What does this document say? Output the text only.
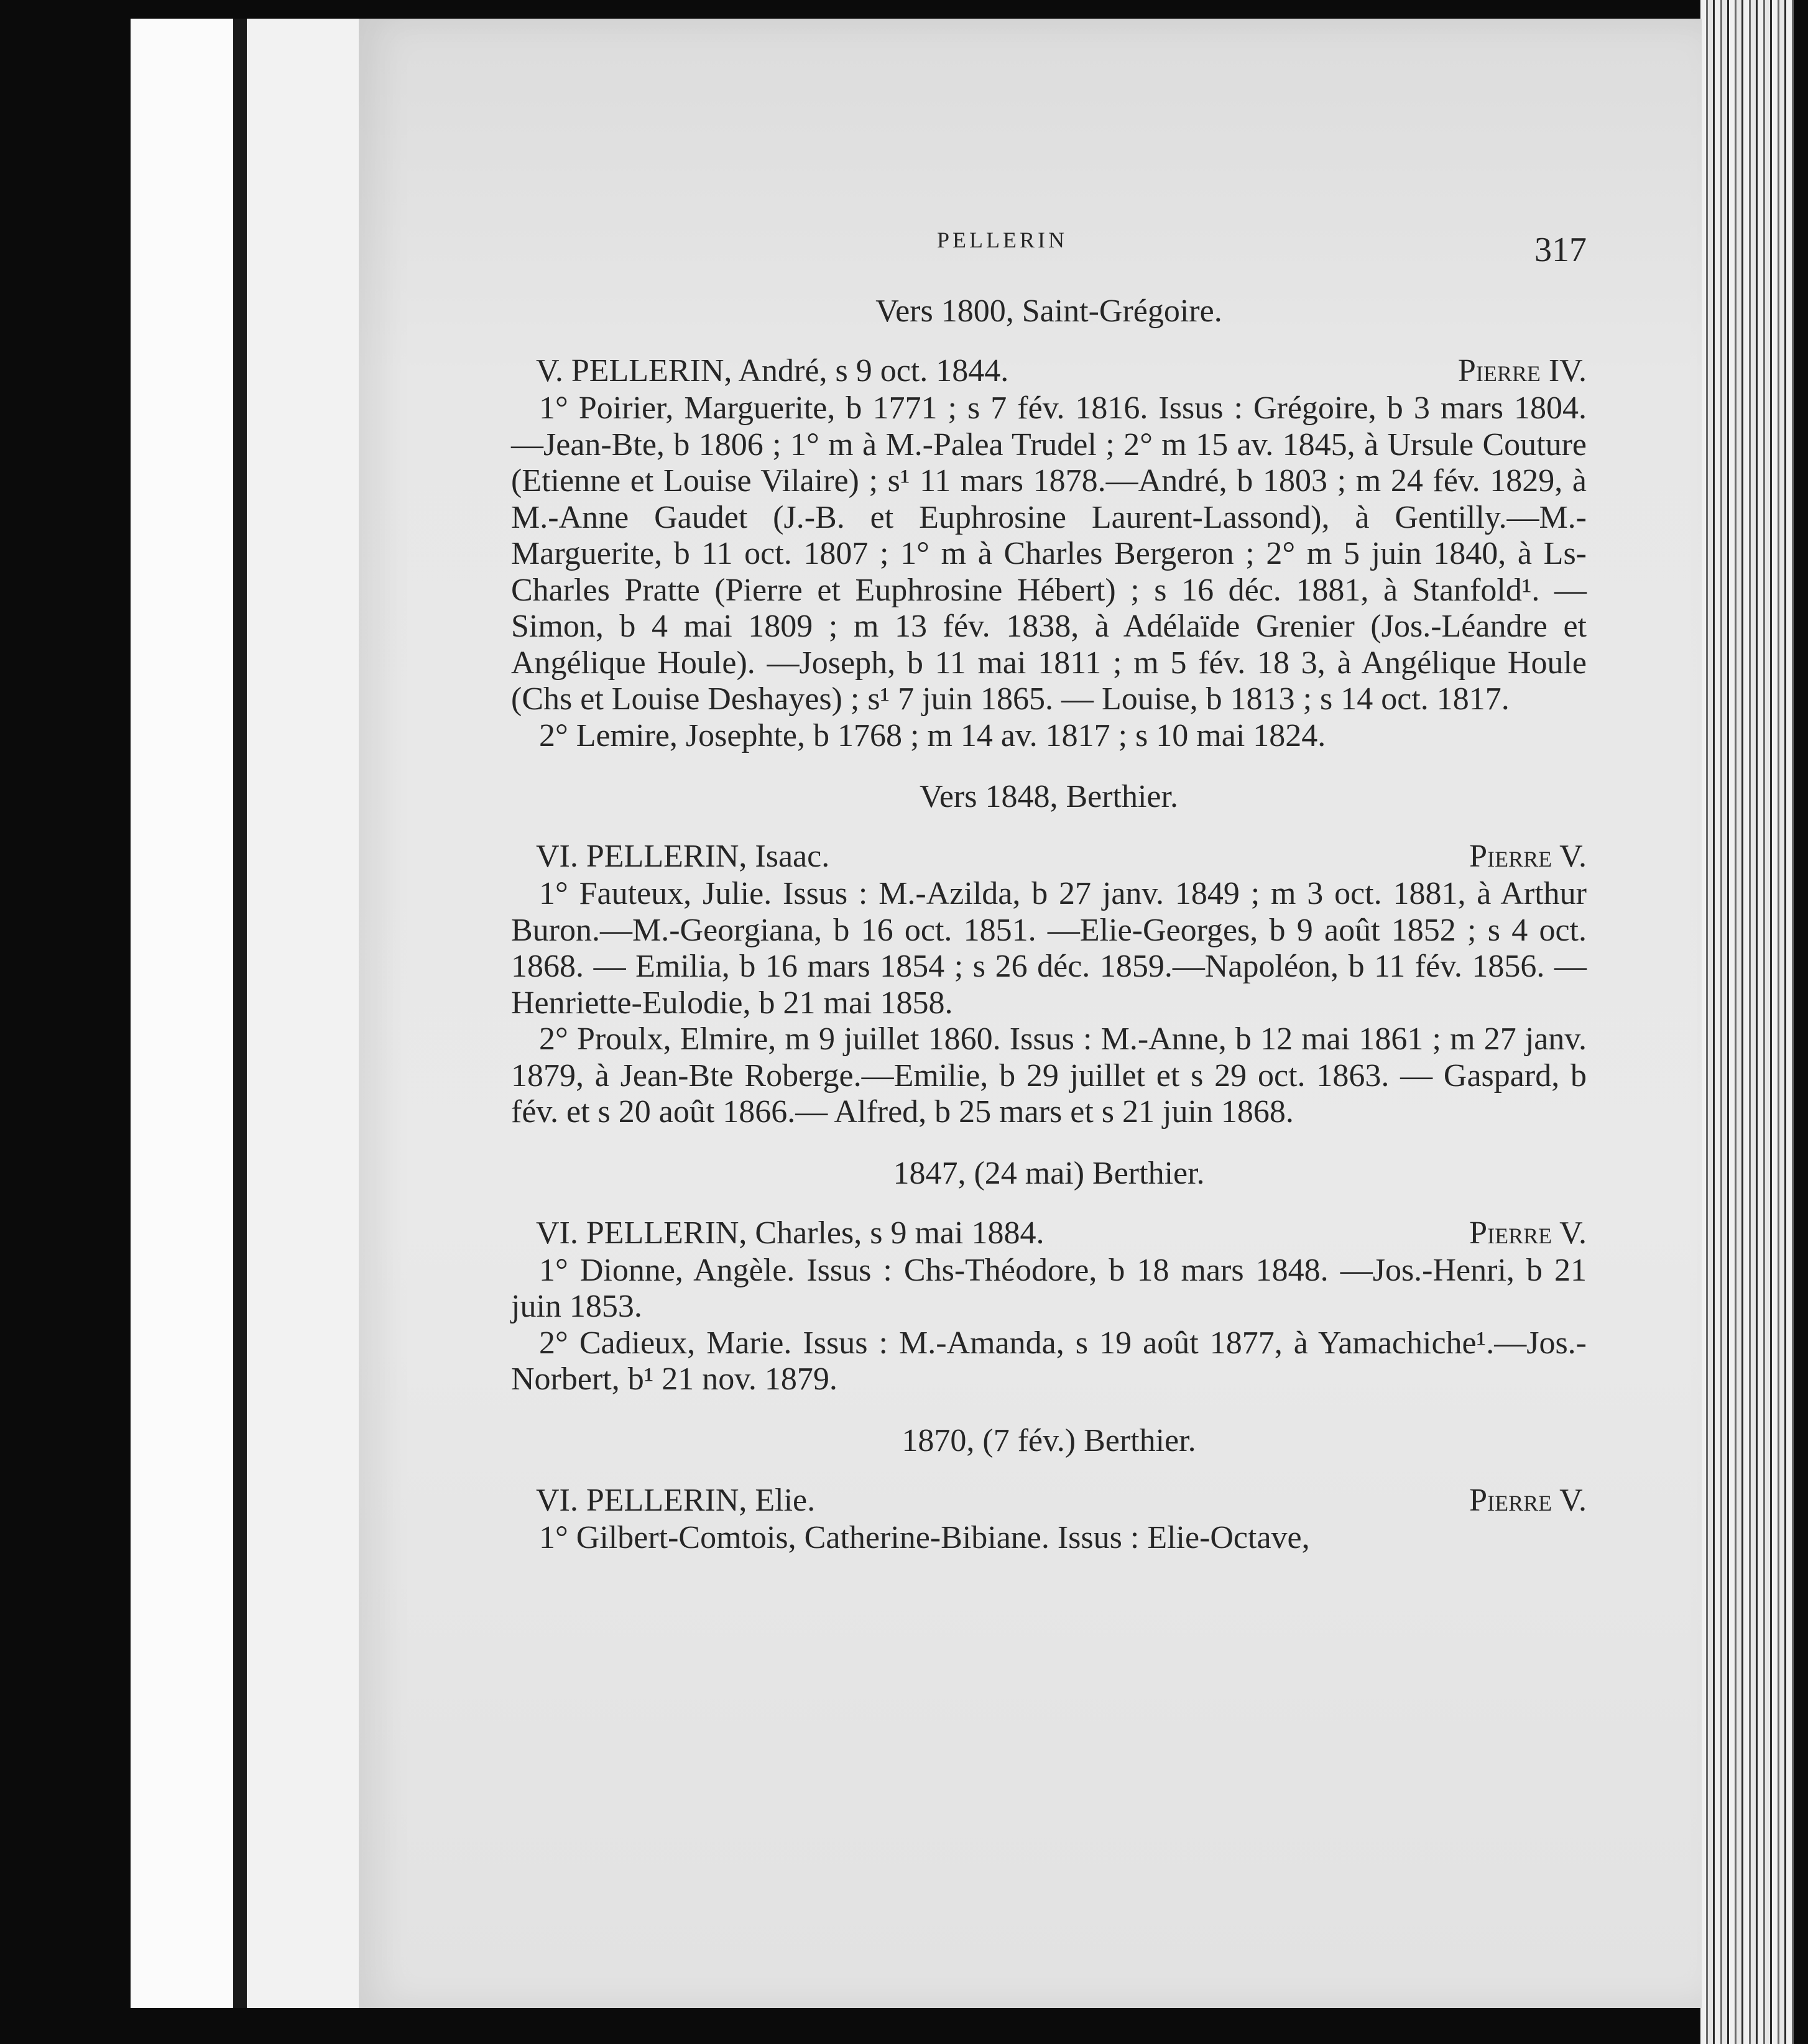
PELLERIN	317
Vers 1800, Saint-Grégoire.
V. PELLERIN, André, s 9 oct. 1844.	Pierre IV.

1° Poirier, Marguerite, b 1771 ; s 7 fév. 1816. Issus : Grégoire, b 3 mars 1804. —Jean-Bte, b 1806 ; 1° m à M.-Palea Trudel ; 2° m 15 av. 1845, à Ursule Couture (Etienne et Louise Vilaire) ; s¹ 11 mars 1878.—André, b 1803 ; m 24 fév. 1829, à M.-Anne Gaudet (J.-B. et Euphrosine Laurent-Lassond), à Gentilly.—M.-Marguerite, b 11 oct. 1807 ; 1° m à Charles Bergeron ; 2° m 5 juin 1840, à Ls-Charles Pratte (Pierre et Euphrosine Hébert) ; s 16 déc. 1881, à Stanfold¹. — Simon, b 4 mai 1809 ; m 13 fév. 1838, à Adélaïde Grenier (Jos.-Léandre et Angélique Houle). —Joseph, b 11 mai 1811 ; m 5 fév. 18 3, à Angélique Houle (Chs et Louise Deshayes) ; s¹ 7 juin 1865. — Louise, b 1813 ; s 14 oct. 1817.

2° Lemire, Josephte, b 1768 ; m 14 av. 1817 ; s 10 mai 1824.

Vers 1848, Berthier.
VI. PELLERIN, Isaac.	Pierre V.

1° Fauteux, Julie. Issus : M.-Azilda, b 27 janv. 1849 ; m 3 oct. 1881, à Arthur Buron.—M.-Georgiana, b 16 oct. 1851. —Elie-Georges, b 9 août 1852 ; s 4 oct. 1868. — Emilia, b 16 mars 1854 ; s 26 déc. 1859.—Napoléon, b 11 fév. 1856. — Henriette-Eulodie, b 21 mai 1858.

2° Proulx, Elmire, m 9 juillet 1860. Issus : M.-Anne, b 12 mai 1861 ; m 27 janv. 1879, à Jean-Bte Roberge.—Emilie, b 29 juillet et s 29 oct. 1863. — Gaspard, b fév. et s 20 août 1866.— Alfred, b 25 mars et s 21 juin 1868.

1847, (24 mai) Berthier.
VI. PELLERIN, Charles, s 9 mai 1884.	Pierre V.

1° Dionne, Angèle. Issus : Chs-Théodore, b 18 mars 1848. —Jos.-Henri, b 21 juin 1853.

2° Cadieux, Marie. Issus : M.-Amanda, s 19 août 1877, à Yamachiche¹.—Jos.-Norbert, b¹ 21 nov. 1879.

1870, (7 fév.) Berthier.
VI. PELLERIN, Elie.	Pierre V.

1° Gilbert-Comtois, Catherine-Bibiane. Issus : Elie-Octave,
